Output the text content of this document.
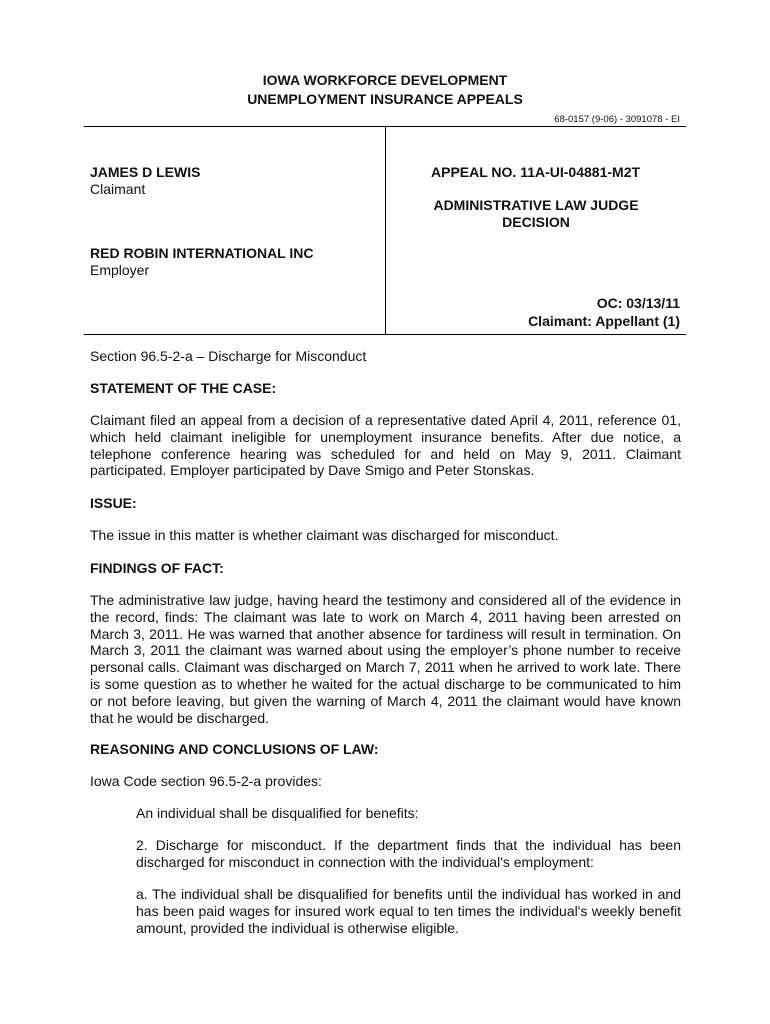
IOWA WORKFORCE DEVELOPMENT
UNEMPLOYMENT INSURANCE APPEALS
68-0157 (9-06) - 3091078 - EI
JAMES D LEWIS
Claimant
RED ROBIN INTERNATIONAL INC
Employer
APPEAL NO. 11A-UI-04881-M2T
ADMINISTRATIVE LAW JUDGE
DECISION
OC: 03/13/11
Claimant: Appellant (1)
Section 96.5-2-a – Discharge for Misconduct
STATEMENT OF THE CASE:
Claimant filed an appeal from a decision of a representative dated April 4, 2011, reference 01, which held claimant ineligible for unemployment insurance benefits. After due notice, a telephone conference hearing was scheduled for and held on May 9, 2011. Claimant participated. Employer participated by Dave Smigo and Peter Stonskas.
ISSUE:
The issue in this matter is whether claimant was discharged for misconduct.
FINDINGS OF FACT:
The administrative law judge, having heard the testimony and considered all of the evidence in the record, finds: The claimant was late to work on March 4, 2011 having been arrested on March 3, 2011. He was warned that another absence for tardiness will result in termination. On March 3, 2011 the claimant was warned about using the employer’s phone number to receive personal calls. Claimant was discharged on March 7, 2011 when he arrived to work late. There is some question as to whether he waited for the actual discharge to be communicated to him or not before leaving, but given the warning of March 4, 2011 the claimant would have known that he would be discharged.
REASONING AND CONCLUSIONS OF LAW:
Iowa Code section 96.5-2-a provides:
An individual shall be disqualified for benefits:
2. Discharge for misconduct. If the department finds that the individual has been discharged for misconduct in connection with the individual's employment:
a. The individual shall be disqualified for benefits until the individual has worked in and has been paid wages for insured work equal to ten times the individual's weekly benefit amount, provided the individual is otherwise eligible.
